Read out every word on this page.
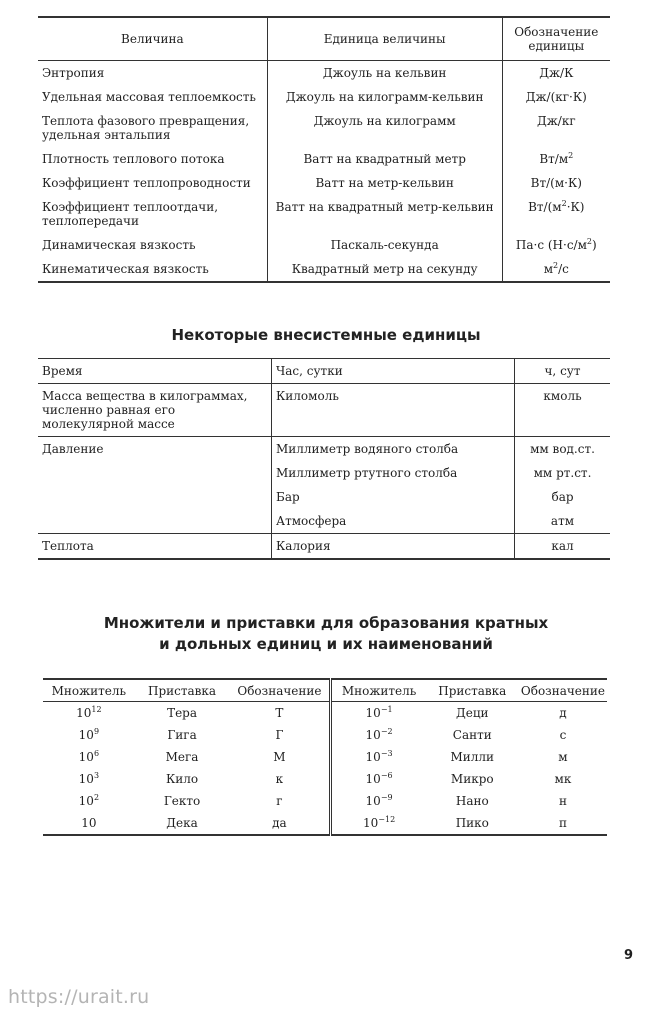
Величина	Единица величины	Обозначение единицы
Энтропия	Джоуль на кельвин	Дж/К
Удельная массовая теплоемкость	Джоуль на килограмм-кельвин	Дж/(кг·К)
Теплота фазового превращения, удельная энтальпия	Джоуль на килограмм	Дж/кг
Плотность теплового потока	Ватт на квадратный метр	$Вт/м^2$
Коэффициент теплопроводности	Ватт на метр-кельвин	Вт/(м·К)
Коэффициент теплоотдачи, теплопередачи	Ватт на квадратный метр-кельвин	$Вт/(м^2\cdot К)$
Динамическая вязкость	Паскаль-секунда	Па·с $(Н\cdot с/м^2)$
Кинематическая вязкость	Квадратный метр на секунду	$м^2/с$
Некоторые внесистемные единицы
Время	Час, сутки	ч, сут
Масса вещества в килограммах, численно равная его молекулярной массе	Киломоль	кмоль
Давление	Миллиметр водяного столба	мм вод.ст.
	Миллиметр ртутного столба	мм рт.ст.
	Бар	бар
	Атмосфера	атм
Теплота	Калория	кал
Множители и приставки для образования кратных
и дольных единиц и их наименований
Множитель	Приставка	Обозначение	Множитель	Приставка	Обозначение
$10^{12}$	Тера	Т	$10^{-1}$	Деци	д
$10^9$	Гига	Г	$10^{-2}$	Санти	с
$10^6$	Мега	М	$10^{-3}$	Милли	м
$10^3$	Кило	к	$10^{-6}$	Микро	мк
$10^2$	Гекто	г	$10^{-9}$	Нано	н
10	Дека	да	$10^{-12}$	Пико	п
9
https://urait.ru
